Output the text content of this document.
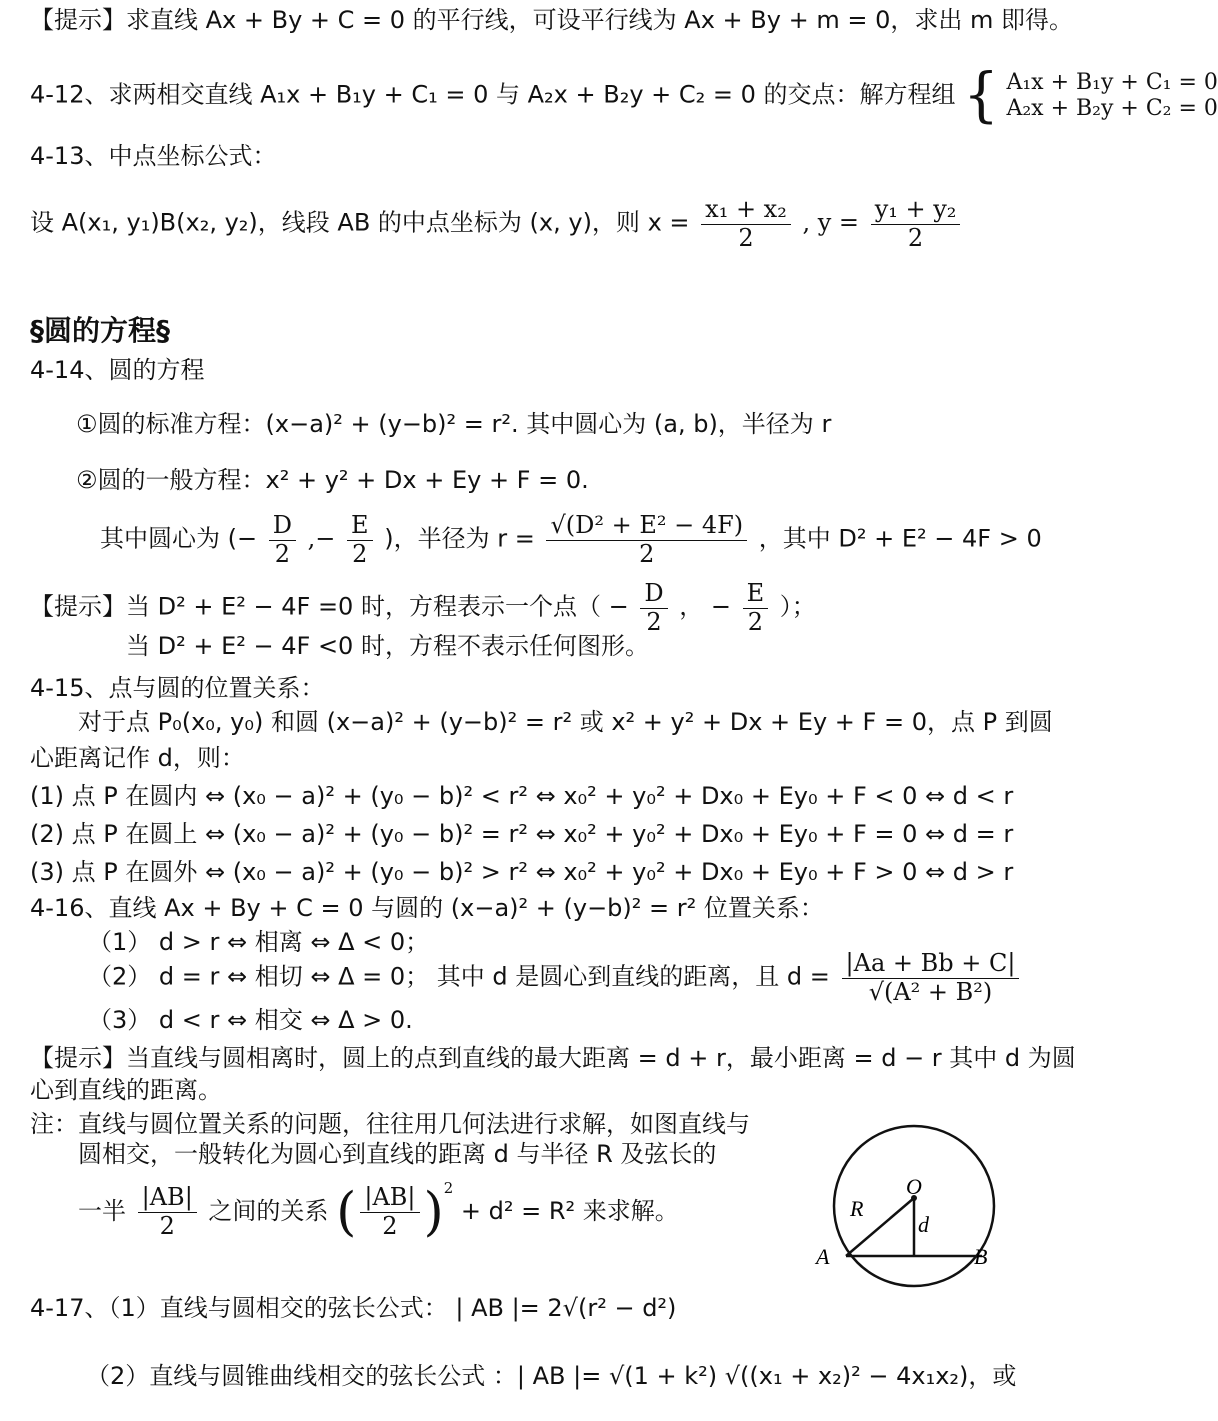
【提示】求直线 Ax + By + C = 0 的平行线，可设平行线为 Ax + By + m = 0，求出 m 即得。
4-12、求两相交直线 A₁x + B₁y + C₁ = 0 与 A₂x + B₂y + C₂ = 0 的交点：解方程组 { A₁x + B₁y + C₁ = 0
A₂x + B₂y + C₂ = 0
4-13、中点坐标公式：
设 A(x₁, y₁)B(x₂, y₂)，线段 AB 的中点坐标为 (x, y)，则 $x = \frac{\text{x₁ + x₂}}{2}$ , $y = \frac{\text{y₁ + y₂}}{2}$
§圆的方程§
4-14、圆的方程
①圆的标准方程：(x−a)² + (y−b)² = r². 其中圆心为 (a, b)，半径为 r
②圆的一般方程：x² + y² + Dx + Ey + F = 0.
其中圆心为 (− $\frac{D}{2}$ ,− $\frac{E}{2}$ )，半径为 $r = \frac{\text{√(D² + E² − 4F)}}{2}$ ，其中 D² + E² − 4F > 0
【提示】当 D² + E² − 4F =0 时，方程表示一个点（ − $\frac{D}{2}$ ， − $\frac{E}{2}$ ）；
当 D² + E² − 4F <0 时，方程不表示任何图形。
4-15、点与圆的位置关系：
对于点 P₀(x₀, y₀) 和圆 (x−a)² + (y−b)² = r² 或 x² + y² + Dx + Ey + F = 0，点 P 到圆
心距离记作 d，则：
(1) 点 P 在圆内 ⇔ (x₀ − a)² + (y₀ − b)² < r² ⇔ x₀² + y₀² + Dx₀ + Ey₀ + F < 0 ⇔ d < r
(2) 点 P 在圆上 ⇔ (x₀ − a)² + (y₀ − b)² = r² ⇔ x₀² + y₀² + Dx₀ + Ey₀ + F = 0 ⇔ d = r
(3) 点 P 在圆外 ⇔ (x₀ − a)² + (y₀ − b)² > r² ⇔ x₀² + y₀² + Dx₀ + Ey₀ + F > 0 ⇔ d > r
4-16、直线 Ax + By + C = 0 与圆的 (x−a)² + (y−b)² = r² 位置关系：
（1） d > r ⇔ 相离 ⇔ Δ < 0；
（2） d = r ⇔ 相切 ⇔ Δ = 0； 其中 d 是圆心到直线的距离，且 $d = \frac{|Aa + Bb + C|}{\text{√(A² + B²)}}$
（3） d < r ⇔ 相交 ⇔ Δ > 0.
【提示】当直线与圆相离时，圆上的点到直线的最大距离 = d + r，最小距离 = d − r 其中 d 为圆
心到直线的距离。
注：直线与圆位置关系的问题，往往用几何法进行求解，如图直线与
圆相交，一般转化为圆心到直线的距离 d 与半径 R 及弦长的
一半 $\frac{|AB|}{2}$ 之间的关系 ( $\frac{|AB|}{2} )^2 + d^2 = R^2$ 来求解。
4-17、（1）直线与圆相交的弦长公式： | AB |= 2√(r² − d²)
（2）直线与圆锥曲线相交的弦长公式 ：| AB |= √(1 + k²) √((x₁ + x₂)² − 4x₁x₂)，或
O
R
d
A	B
